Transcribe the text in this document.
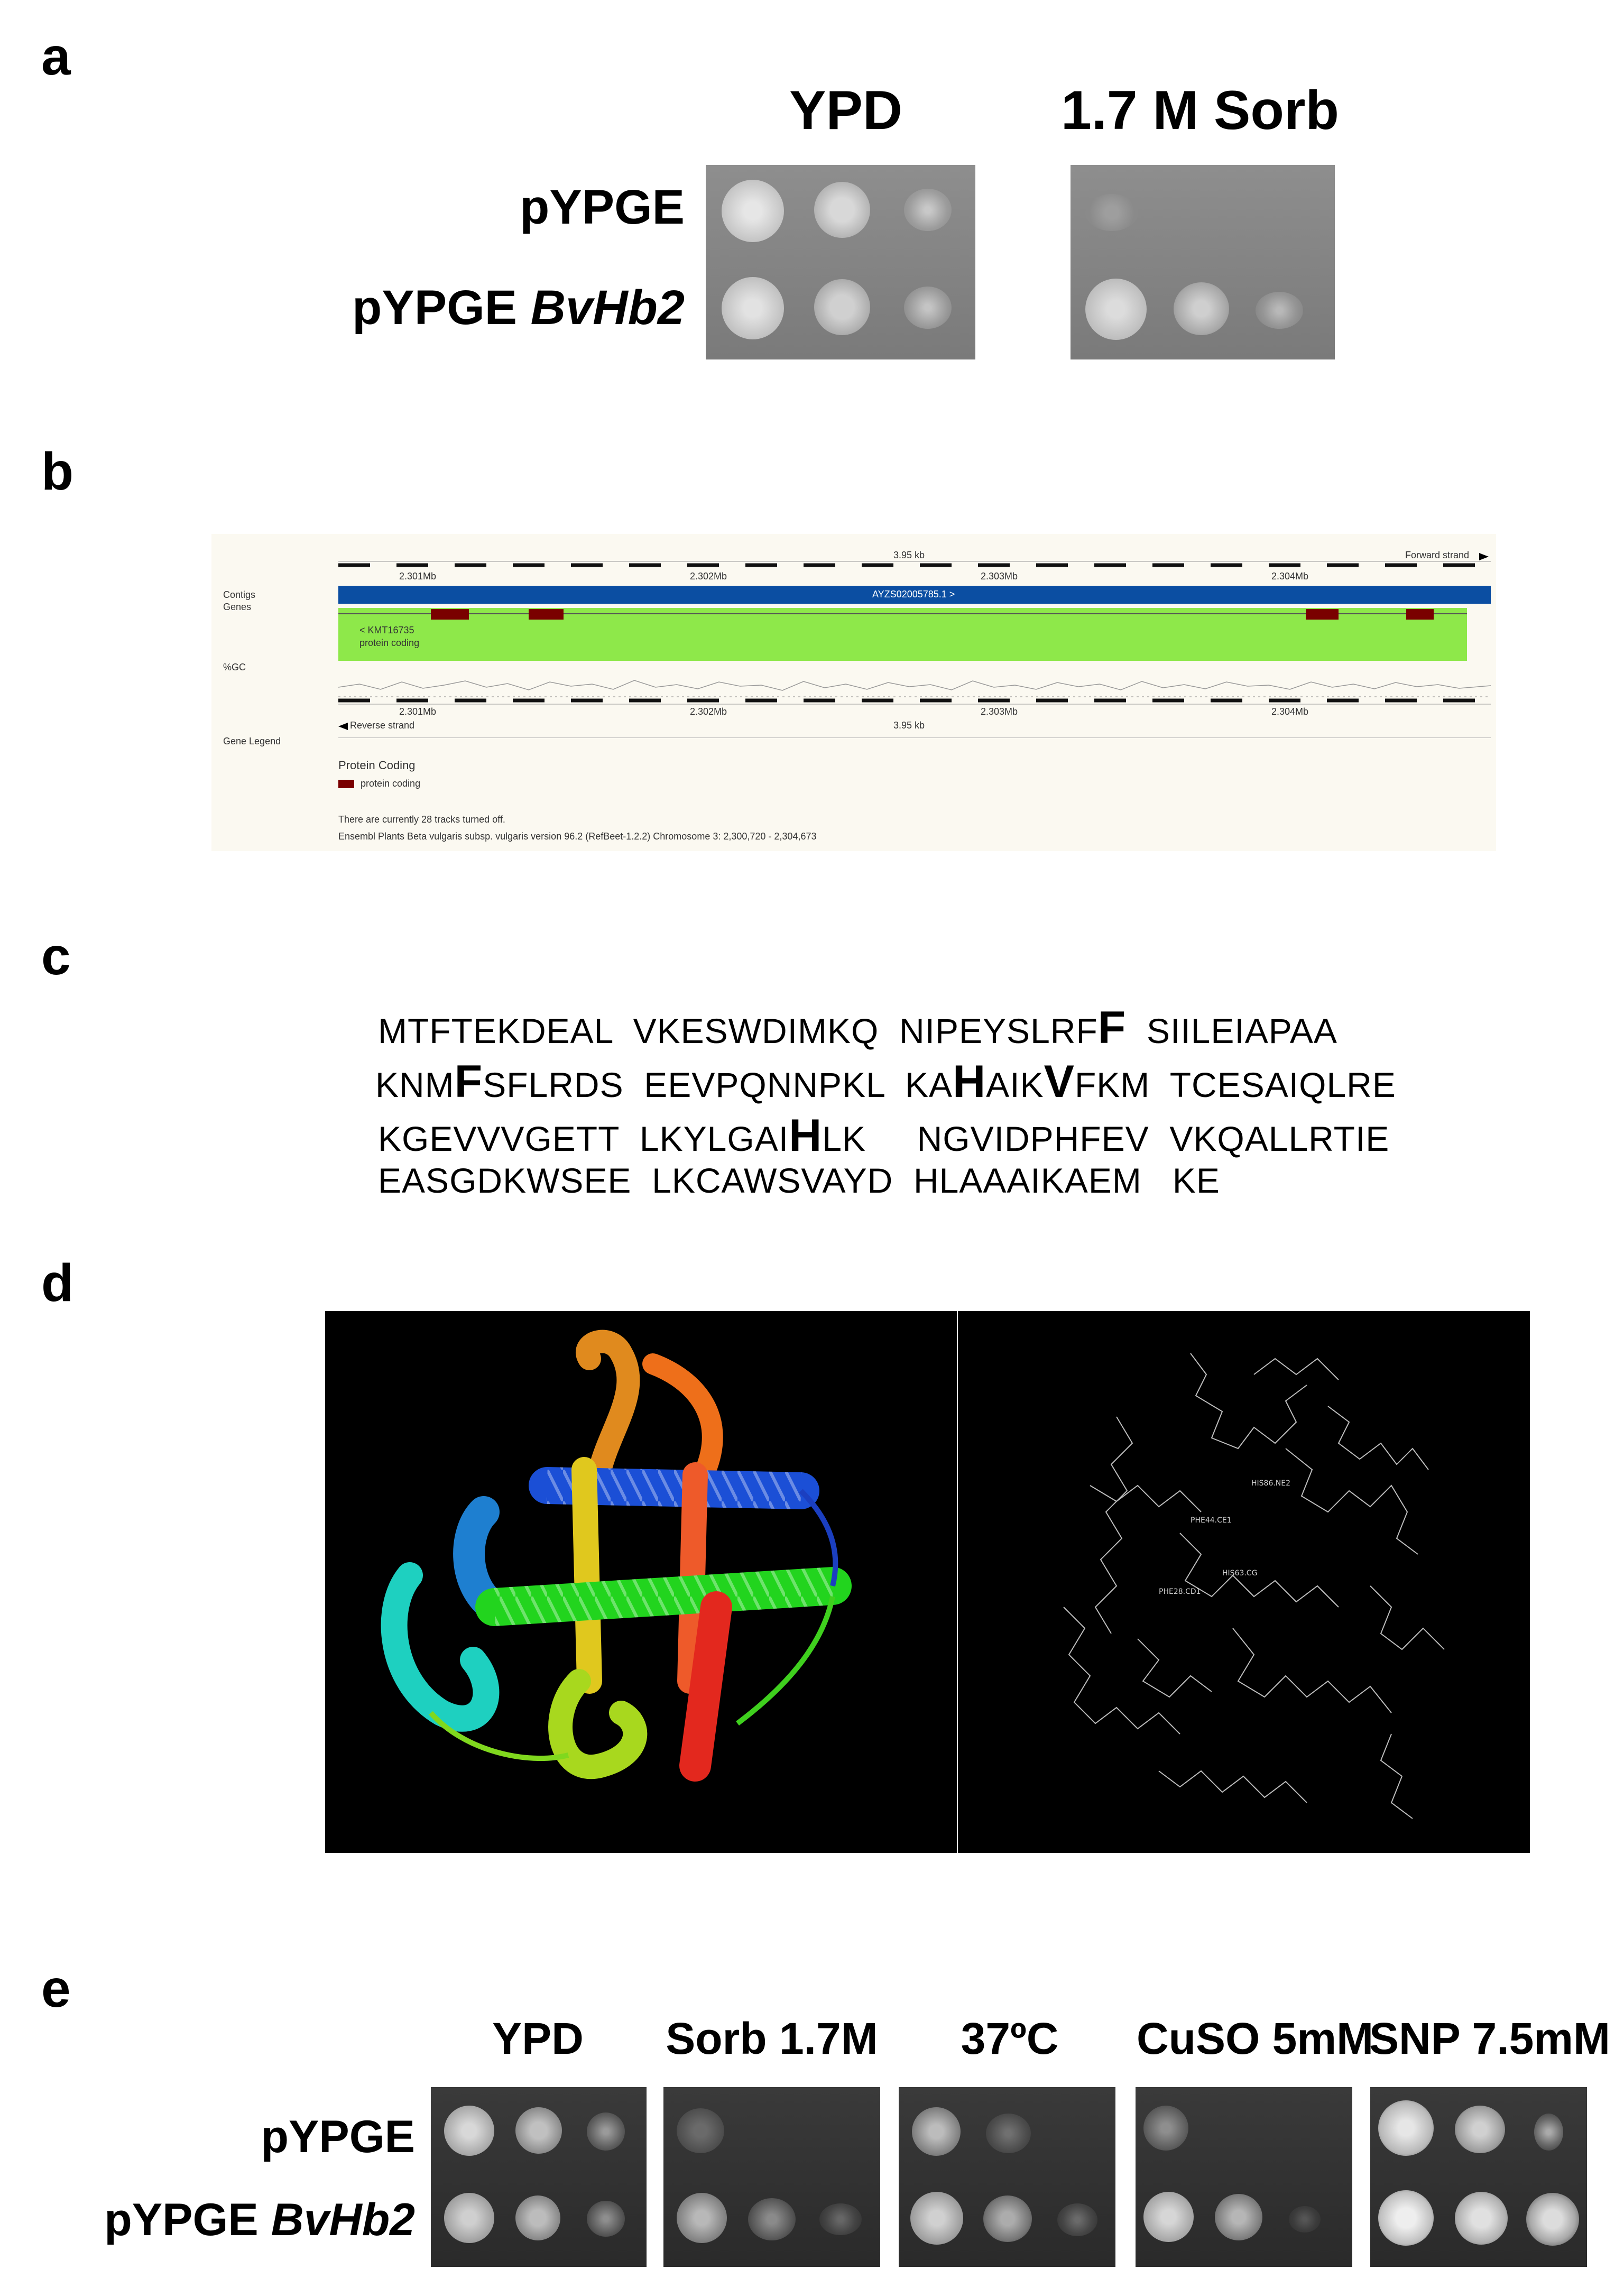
a
YPD	1.7 M Sorb
pYPGE
pYPGE BvHb2
b
Contigs
Genes
%GC
Gene Legend
3.95 kb	Forward strand
2.301Mb	2.302Mb	2.303Mb	2.304Mb
AYZS02005785.1 >
< KMT16735
protein coding
2.301Mb	2.302Mb	2.303Mb	2.304Mb
Reverse strand	3.95 kb
Protein Coding
protein coding
There are currently 28 tracks turned off.
Ensembl Plants Beta vulgaris subsp. vulgaris version 96.2 (RefBeet-1.2.2) Chromosome 3: 2,300,720 - 2,304,673
c
MTFTEKDEAL  VKESWDIMKQ  NIPEYSLRFF  SIILEIAPAA
KNMFSFLRDS  EEVPQNNPKL  KAHAIKVFKM  TCESAIQLRE
KGEVVVGETT  LKYLGAIHLK     NGVIDPHFEV  VKQALLRTIE
EASGDKWSEE  LKCAWSVAYD  HLAAAIKAEM   KE
d
HIS86.NE2
PHE44.CE1
HIS63.CG
PHE28.CD1
e
YPD	Sorb 1.7M	37ºC	CuSO 5mM
SNP 7.5mM
pYPGE
pYPGE BvHb2
